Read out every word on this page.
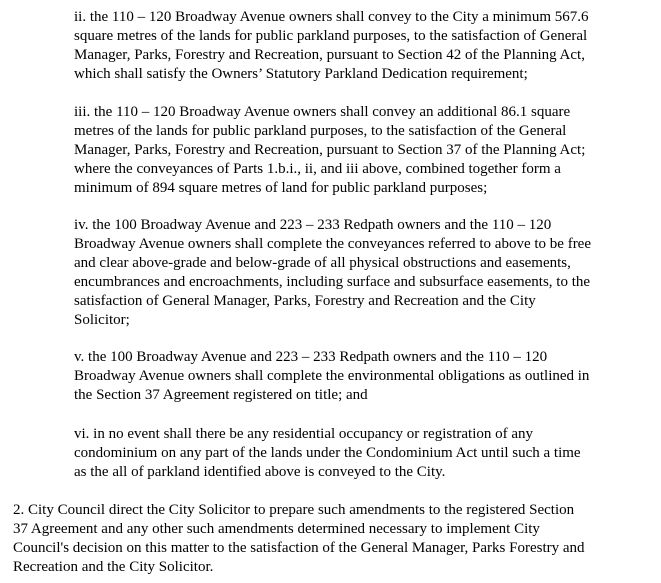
ii. the 110 – 120 Broadway Avenue owners shall convey to the City a minimum 567.6
square metres of the lands for public parkland purposes, to the satisfaction of General
Manager, Parks, Forestry and Recreation, pursuant to Section 42 of the Planning Act,
which shall satisfy the Owners’ Statutory Parkland Dedication requirement;

iii. the 110 – 120 Broadway Avenue owners shall convey an additional 86.1 square
metres of the lands for public parkland purposes, to the satisfaction of the General
Manager, Parks, Forestry and Recreation, pursuant to Section 37 of the Planning Act;
where the conveyances of Parts 1.b.i., ii, and iii above, combined together form a
minimum of 894 square metres of land for public parkland purposes;

iv. the 100 Broadway Avenue and 223 – 233 Redpath owners and the 110 – 120
Broadway Avenue owners shall complete the conveyances referred to above to be free
and clear above-grade and below-grade of all physical obstructions and easements,
encumbrances and encroachments, including surface and subsurface easements, to the
satisfaction of General Manager, Parks, Forestry and Recreation and the City
Solicitor;

v. the 100 Broadway Avenue and 223 – 233 Redpath owners and the 110 – 120
Broadway Avenue owners shall complete the environmental obligations as outlined in
the Section 37 Agreement registered on title; and

vi. in no event shall there be any residential occupancy or registration of any
condominium on any part of the lands under the Condominium Act until such a time
as the all of parkland identified above is conveyed to the City.

2. City Council direct the City Solicitor to prepare such amendments to the registered Section
37 Agreement and any other such amendments determined necessary to implement City
Council's decision on this matter to the satisfaction of the General Manager, Parks Forestry and
Recreation and the City Solicitor.
